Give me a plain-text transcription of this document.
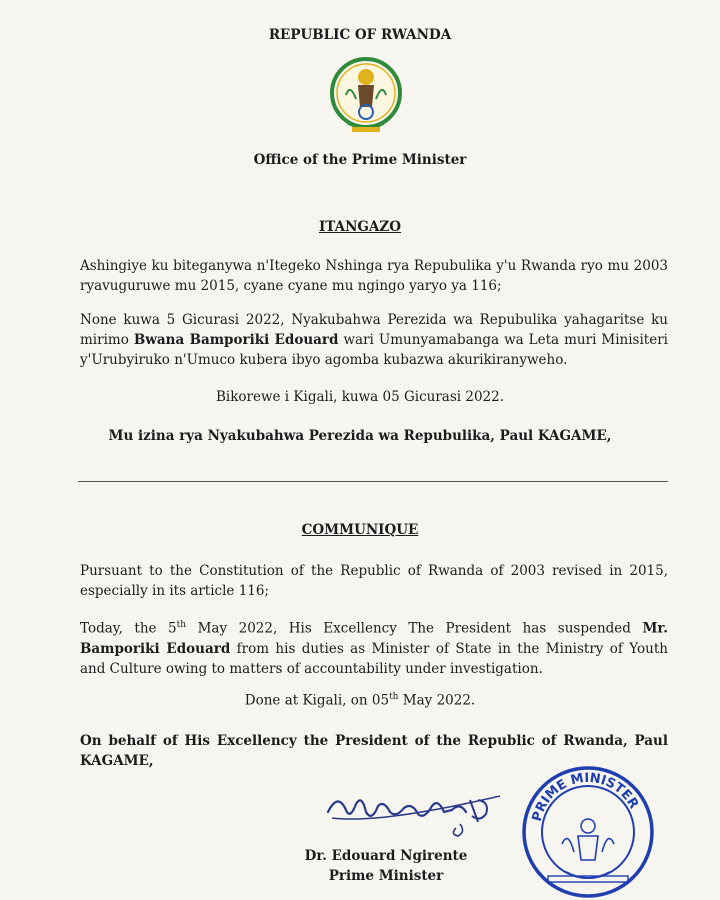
REPUBLIC OF RWANDA
Office of the Prime Minister
ITANGAZO

Ashingiye ku biteganywa n'Itegeko Nshinga rya Repubulika y'u Rwanda ryo mu 2003 ryavuguruwe mu 2015, cyane cyane mu ngingo yaryo ya 116;

None kuwa 5 Gicurasi 2022, Nyakubahwa Perezida wa Repubulika yahagaritse ku mirimo Bwana Bamporiki Edouard wari Umunyamabanga wa Leta muri Minisiteri y'Urubyiruko n'Umuco kubera ibyo agomba kubazwa akurikiranyweho.

Bikorewe i Kigali, kuwa 05 Gicurasi 2022.
Mu izina rya Nyakubahwa Perezida wa Repubulika, Paul KAGAME,
COMMUNIQUE

Pursuant to the Constitution of the Republic of Rwanda of 2003 revised in 2015, especially in its article 116;

Today, the 5th May 2022, His Excellency The President has suspended Mr. Bamporiki Edouard from his duties as Minister of State in the Ministry of Youth and Culture owing to matters of accountability under investigation.

Done at Kigali, on 05th May 2022.

On behalf of His Excellency the President of the Republic of Rwanda, Paul KAGAME,

Dr. Edouard Ngirente
Prime Minister
PRIME MINISTER
